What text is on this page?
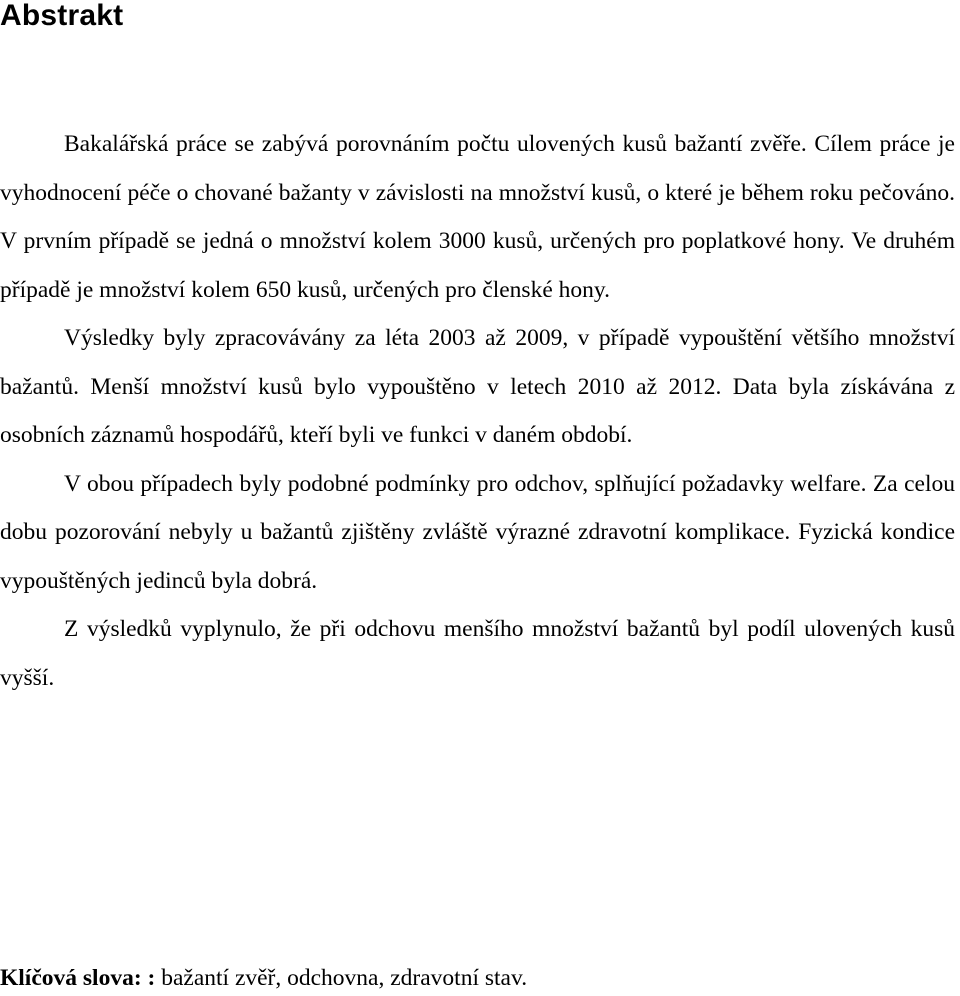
Abstrakt

Bakalářská práce se zabývá porovnáním počtu ulovených kusů bažantí zvěře. Cílem práce je vyhodnocení péče o chované bažanty v závislosti na množství kusů, o které je během roku pečováno. V prvním případě se jedná o množství kolem 3000 kusů, určených pro poplatkové hony. Ve druhém případě je množství kolem 650 kusů, určených pro členské hony.

Výsledky byly zpracovávány za léta 2003 až 2009, v případě vypouštění většího množství bažantů. Menší množství kusů bylo vypouštěno v letech 2010 až 2012. Data byla získávána z osobních záznamů hospodářů, kteří byli ve funkci v daném období.

V obou případech byly podobné podmínky pro odchov, splňující požadavky welfare. Za celou dobu pozorování nebyly u bažantů zjištěny zvláště výrazné zdravotní komplikace. Fyzická kondice vypouštěných jedinců byla dobrá.

Z výsledků vyplynulo, že při odchovu menšího množství bažantů byl podíl ulovených kusů vyšší.

Klíčová slova: : bažantí zvěř, odchovna, zdravotní stav.
